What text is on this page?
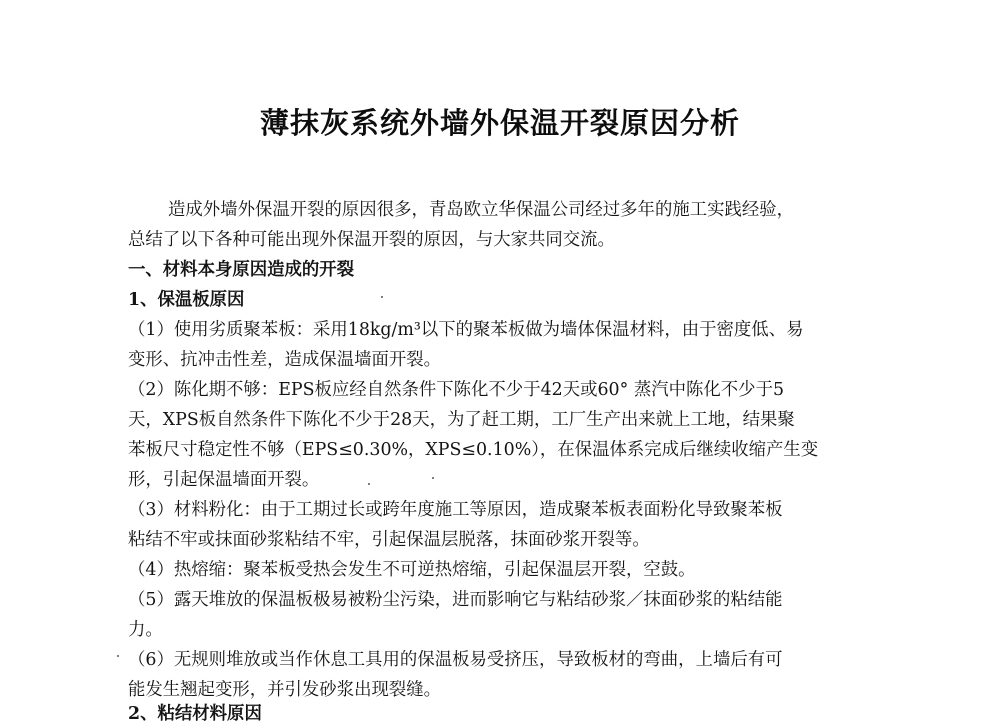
薄抹灰系统外墙外保温开裂原因分析
造成外墙外保温开裂的原因很多，青岛欧立华保温公司经过多年的施工实践经验，
总结了以下各种可能出现外保温开裂的原因，与大家共同交流。
一、材料本身原因造成的开裂
1、保温板原因
（1）使用劣质聚苯板：采用18kg/m³以下的聚苯板做为墙体保温材料，由于密度低、易
变形、抗冲击性差，造成保温墙面开裂。
（2）陈化期不够：EPS板应经自然条件下陈化不少于42天或60° 蒸汽中陈化不少于5
天，XPS板自然条件下陈化不少于28天，为了赶工期，工厂生产出来就上工地，结果聚
苯板尺寸稳定性不够（EPS≤0.30%，XPS≤0.10%），在保温体系完成后继续收缩产生变
形，引起保温墙面开裂。
（3）材料粉化：由于工期过长或跨年度施工等原因，造成聚苯板表面粉化导致聚苯板
粘结不牢或抹面砂浆粘结不牢，引起保温层脱落，抹面砂浆开裂等。
（4）热熔缩：聚苯板受热会发生不可逆热熔缩，引起保温层开裂，空鼓。
（5）露天堆放的保温板极易被粉尘污染，进而影响它与粘结砂浆／抹面砂浆的粘结能
力。
（6）无规则堆放或当作休息工具用的保温板易受挤压，导致板材的弯曲，上墙后有可
能发生翘起变形，并引发砂浆出现裂缝。
2、粘结材料原因
